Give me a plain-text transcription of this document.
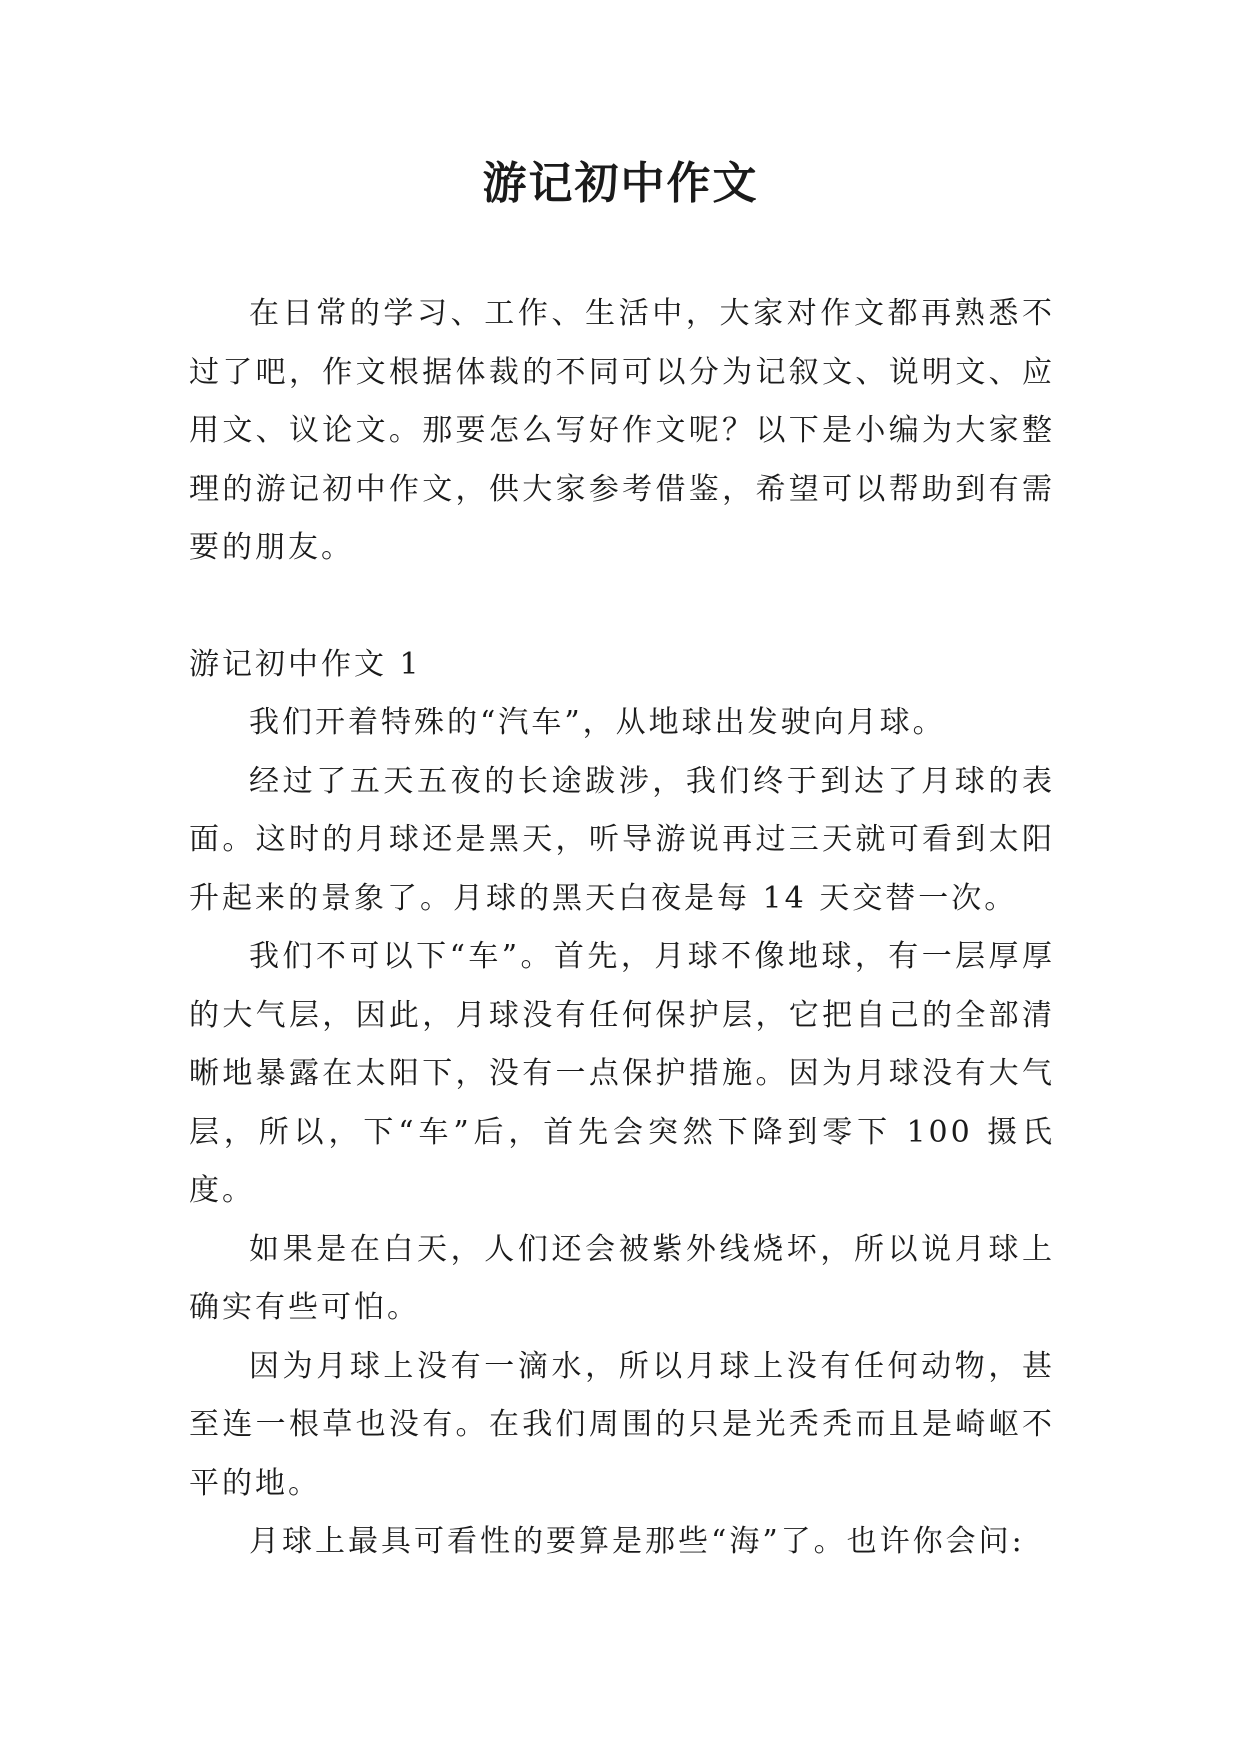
游记初中作文

在日常的学习、工作、生活中，大家对作文都再熟悉不过了吧，作文根据体裁的不同可以分为记叙文、说明文、应用文、议论文。那要怎么写好作文呢？以下是小编为大家整理的游记初中作文，供大家参考借鉴，希望可以帮助到有需要的朋友。

游记初中作文 1

我们开着特殊的“汽车”，从地球出发驶向月球。

经过了五天五夜的长途跋涉，我们终于到达了月球的表面。这时的月球还是黑天，听导游说再过三天就可看到太阳升起来的景象了。月球的黑天白夜是每 14 天交替一次。

我们不可以下“车”。首先，月球不像地球，有一层厚厚的大气层，因此，月球没有任何保护层，它把自己的全部清晰地暴露在太阳下，没有一点保护措施。因为月球没有大气层，所以，下“车”后，首先会突然下降到零下 100 摄氏度。

如果是在白天，人们还会被紫外线烧坏，所以说月球上确实有些可怕。

因为月球上没有一滴水，所以月球上没有任何动物，甚至连一根草也没有。在我们周围的只是光秃秃而且是崎岖不平的地。

月球上最具可看性的要算是那些“海”了。也许你会问:
